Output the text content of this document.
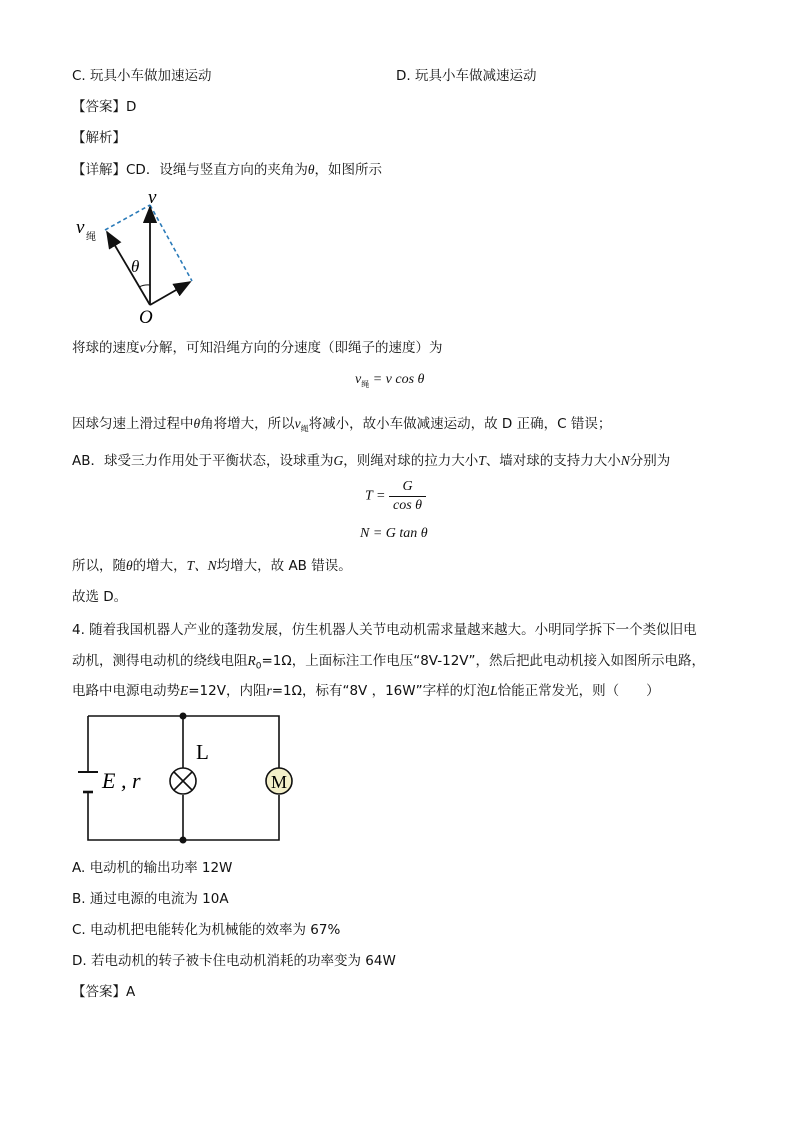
C. 玩具小车做加速运动	D. 玩具小车做减速运动
【答案】D
【解析】
【详解】CD．设绳与竖直方向的夹角为θ，如图所示
v
v 绳
θ
O
将球的速度v分解，可知沿绳方向的分速度（即绳子的速度）为
$v_绳 = v$ cos θ
因球匀速上滑过程中θ角将增大，所以$v_绳$将减小，故小车做减速运动，故 D 正确，C 错误；
AB．球受三力作用处于平衡状态，设球重为G，则绳对球的拉力大小T、墙对球的支持力大小N分别为
$T = \frac{G}{\text{cos θ}}$
N = G tan θ
所以，随θ的增大，T、N均增大，故 AB 错误。
故选 D。
4. 随着我国机器人产业的蓬勃发展，仿生机器人关节电动机需求量越来越大。小明同学拆下一个类似旧电
动机，测得电动机的绕线电阻$R_0=1\Omega$，上面标注工作电压“8V-12V”，然后把此电动机接入如图所示电路，
电路中电源电动势E=12V，内阻r=1Ω，标有“8V ，16W”字样的灯泡L恰能正常发光，则（　　）
E , r
L
M
A. 电动机的输出功率 12W
B. 通过电源的电流为 10A
C. 电动机把电能转化为机械能的效率为 67%
D. 若电动机的转子被卡住电动机消耗的功率变为 64W
【答案】A
